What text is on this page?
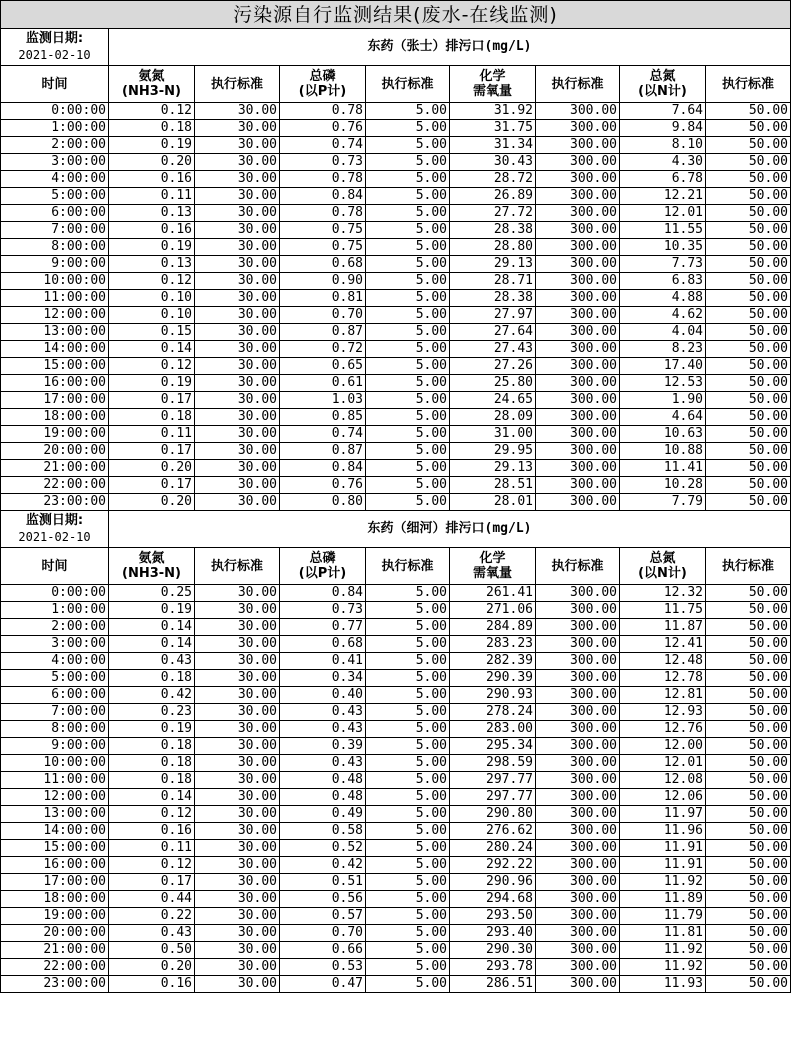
污染源自行监测结果(废水-在线监测)								

监测日期:
2021-02-10	东药（张士）排污口(mg/L)							
时间	氨氮
(NH3-N)	执行标准	总磷
(以P计)	执行标准	化学
需氧量	执行标准	总氮
(以N计)	执行标准
0:00:00	0.12	30.00	0.78	5.00	31.92	300.00	7.64	50.00
1:00:00	0.18	30.00	0.76	5.00	31.75	300.00	9.84	50.00
2:00:00	0.19	30.00	0.74	5.00	31.34	300.00	8.10	50.00
3:00:00	0.20	30.00	0.73	5.00	30.43	300.00	4.30	50.00
4:00:00	0.16	30.00	0.78	5.00	28.72	300.00	6.78	50.00
5:00:00	0.11	30.00	0.84	5.00	26.89	300.00	12.21	50.00
6:00:00	0.13	30.00	0.78	5.00	27.72	300.00	12.01	50.00
7:00:00	0.16	30.00	0.75	5.00	28.38	300.00	11.55	50.00
8:00:00	0.19	30.00	0.75	5.00	28.80	300.00	10.35	50.00
9:00:00	0.13	30.00	0.68	5.00	29.13	300.00	7.73	50.00
10:00:00	0.12	30.00	0.90	5.00	28.71	300.00	6.83	50.00
11:00:00	0.10	30.00	0.81	5.00	28.38	300.00	4.88	50.00
12:00:00	0.10	30.00	0.70	5.00	27.97	300.00	4.62	50.00
13:00:00	0.15	30.00	0.87	5.00	27.64	300.00	4.04	50.00
14:00:00	0.14	30.00	0.72	5.00	27.43	300.00	8.23	50.00
15:00:00	0.12	30.00	0.65	5.00	27.26	300.00	17.40	50.00
16:00:00	0.19	30.00	0.61	5.00	25.80	300.00	12.53	50.00
17:00:00	0.17	30.00	1.03	5.00	24.65	300.00	1.90	50.00
18:00:00	0.18	30.00	0.85	5.00	28.09	300.00	4.64	50.00
19:00:00	0.11	30.00	0.74	5.00	31.00	300.00	10.63	50.00
20:00:00	0.17	30.00	0.87	5.00	29.95	300.00	10.88	50.00
21:00:00	0.20	30.00	0.84	5.00	29.13	300.00	11.41	50.00
22:00:00	0.17	30.00	0.76	5.00	28.51	300.00	10.28	50.00
23:00:00	0.20	30.00	0.80	5.00	28.01	300.00	7.79	50.00

监测日期:
2021-02-10	东药（细河）排污口(mg/L)							
时间	氨氮
(NH3-N)	执行标准	总磷
(以P计)	执行标准	化学
需氧量	执行标准	总氮
(以N计)	执行标准
0:00:00	0.25	30.00	0.84	5.00	261.41	300.00	12.32	50.00
1:00:00	0.19	30.00	0.73	5.00	271.06	300.00	11.75	50.00
2:00:00	0.14	30.00	0.77	5.00	284.89	300.00	11.87	50.00
3:00:00	0.14	30.00	0.68	5.00	283.23	300.00	12.41	50.00
4:00:00	0.43	30.00	0.41	5.00	282.39	300.00	12.48	50.00
5:00:00	0.18	30.00	0.34	5.00	290.39	300.00	12.78	50.00
6:00:00	0.42	30.00	0.40	5.00	290.93	300.00	12.81	50.00
7:00:00	0.23	30.00	0.43	5.00	278.24	300.00	12.93	50.00
8:00:00	0.19	30.00	0.43	5.00	283.00	300.00	12.76	50.00
9:00:00	0.18	30.00	0.39	5.00	295.34	300.00	12.00	50.00
10:00:00	0.18	30.00	0.43	5.00	298.59	300.00	12.01	50.00
11:00:00	0.18	30.00	0.48	5.00	297.77	300.00	12.08	50.00
12:00:00	0.14	30.00	0.48	5.00	297.77	300.00	12.06	50.00
13:00:00	0.12	30.00	0.49	5.00	290.80	300.00	11.97	50.00
14:00:00	0.16	30.00	0.58	5.00	276.62	300.00	11.96	50.00
15:00:00	0.11	30.00	0.52	5.00	280.24	300.00	11.91	50.00
16:00:00	0.12	30.00	0.42	5.00	292.22	300.00	11.91	50.00
17:00:00	0.17	30.00	0.51	5.00	290.96	300.00	11.92	50.00
18:00:00	0.44	30.00	0.56	5.00	294.68	300.00	11.89	50.00
19:00:00	0.22	30.00	0.57	5.00	293.50	300.00	11.79	50.00
20:00:00	0.43	30.00	0.70	5.00	293.40	300.00	11.81	50.00
21:00:00	0.50	30.00	0.66	5.00	290.30	300.00	11.92	50.00
22:00:00	0.20	30.00	0.53	5.00	293.78	300.00	11.92	50.00
23:00:00	0.16	30.00	0.47	5.00	286.51	300.00	11.93	50.00
